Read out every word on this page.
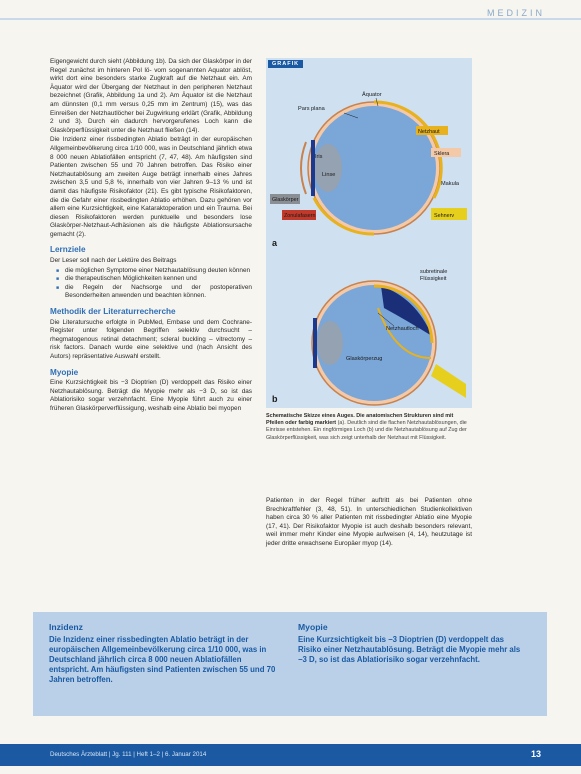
MEDIZIN

Eigengewicht durch sieht (Abbildung 1b). Da sich der Glaskörper in der Regel zunächst im hinteren Pol lö- vom sogenannten Aquator ablöst, wirkt dort eine besonders starke Zugkraft auf die Netzhaut ein. Am Äquator wird der Übergang der Netzhaut in den peripheren Netzhaut bezeichnet (Grafik, Abbildung 1a und 2). Am Äquator ist die Netzhaut am dünnsten (0,1 mm versus 0,25 mm im Zentrum) (15), was das Einreißen der Netzhautlöcher bei Zugwirkung erklärt (Grafik, Abbildung 2 und 3). Durch ein dadurch hervorgerufenes Loch kann die Glaskörperflüssigkeit unter die Netzhaut fließen (14).

Die Inzidenz einer rissbedingten Ablatio beträgt in der europäischen Allgemeinbevölkerung circa 1/10 000, was in Deutschland jährlich etwa 8 000 neuen Ablatiofällen entspricht (7, 47, 48). Am häufigsten sind Patienten zwischen 55 und 70 Jahren betroffen. Das Risiko einer Netzhautablösung am zweiten Auge beträgt innerhalb eines Jahres zwischen 3,5 und 5,8 %, innerhalb von vier Jahren 9–13 % und ist damit das häufigste Risikofaktor (21). Es gibt typische Risikofaktoren, die die Gefahr einer rissbedingten Ablatio erhöhen. Dazu gehören vor allem eine Kurzsichtigkeit, eine Kataraktoperation und ein Trauma. Bei diesen Risikofaktoren werden punktuelle und besonders lose Glaskörper-Netzhaut-Adhäsionen als die häufigste Ablationsursache gemacht (2).

Lernziele

Der Leser soll nach der Lektüre des Beitrags

■ die möglichen Symptome einer Netzhautablösung deuten können
■ die therapeutischen Möglichkeiten kennen und
■ die Regeln der Nachsorge und der postoperativen Besonderheiten anwenden und beachten können.
Methodik der Literaturrecherche

Die Literatursuche erfolgte in PubMed, Embase und dem Cochrane-Register unter folgenden Begriffen selektiv durchsucht – rhegmatogenous retinal detachment; scleral buckling – vitrectomy – risk factors. Danach wurde eine selektive und (nach Ansicht des Autors) repräsentative Auswahl erstellt.

Myopie

Eine Kurzsichtigkeit bis −3 Dioptrien (D) verdoppelt das Risiko einer Netzhautablösung. Beträgt die Myopie mehr als −3 D, so ist das Ablatiorisiko sogar verzehnfacht. Eine Myopie führt auch zu einer früheren Glaskörperverflüssigung, weshalb eine Ablatio bei myopen

Pars plana
Äquator
Netzhaut
Sklera
Iris
Linse
Makula
Sehnerv
Glaskörper
Zonulafasern
a
subretinale
Flüssigkeit
Netzhautloch
Glaskörperzug
b
GRAFIK
Schematische Skizze eines Auges. Die anatomischen Strukturen sind mit Pfeilen oder farbig markiert (a). Deutlich sind die flachen Netzhautablösungen, die Einrisse entstehen. Ein ringförmiges Loch (b) und die Netzhautablösung auf Zug der Glaskörperflüssigkeit, was sich zeigt unterhalb der Netzhaut mit Flüssigkeit.

Patienten in der Regel früher auftritt als bei Patienten ohne Brechkraftfehler (3, 48, 51). In unterschiedlichen Studienkollektiven haben circa 30 % aller Patienten mit rissbedingter Ablatio eine Myopie (17, 41). Der Risikofaktor Myopie ist auch deshalb besonders relevant, weil immer mehr Kinder eine Myopie aufweisen (4, 14), heutzutage ist jeder dritte erwachsene Europäer myop (14).

Inzidenz

Die Inzidenz einer rissbedingten Ablatio beträgt in der europäischen Allgemeinbevölkerung circa 1/10 000, was in Deutschland jährlich circa 8 000 neuen Ablatiofällen entspricht. Am häufigsten sind Patienten zwischen 55 und 70 Jahren betroffen.

Myopie

Eine Kurzsichtigkeit bis −3 Dioptrien (D) verdoppelt das Risiko einer Netzhautablösung. Beträgt die Myopie mehr als −3 D, so ist das Ablatiorisiko sogar verzehnfacht.

Deutsches Ärzteblatt | Jg. 111 | Heft 1–2 | 6. Januar 2014	13
